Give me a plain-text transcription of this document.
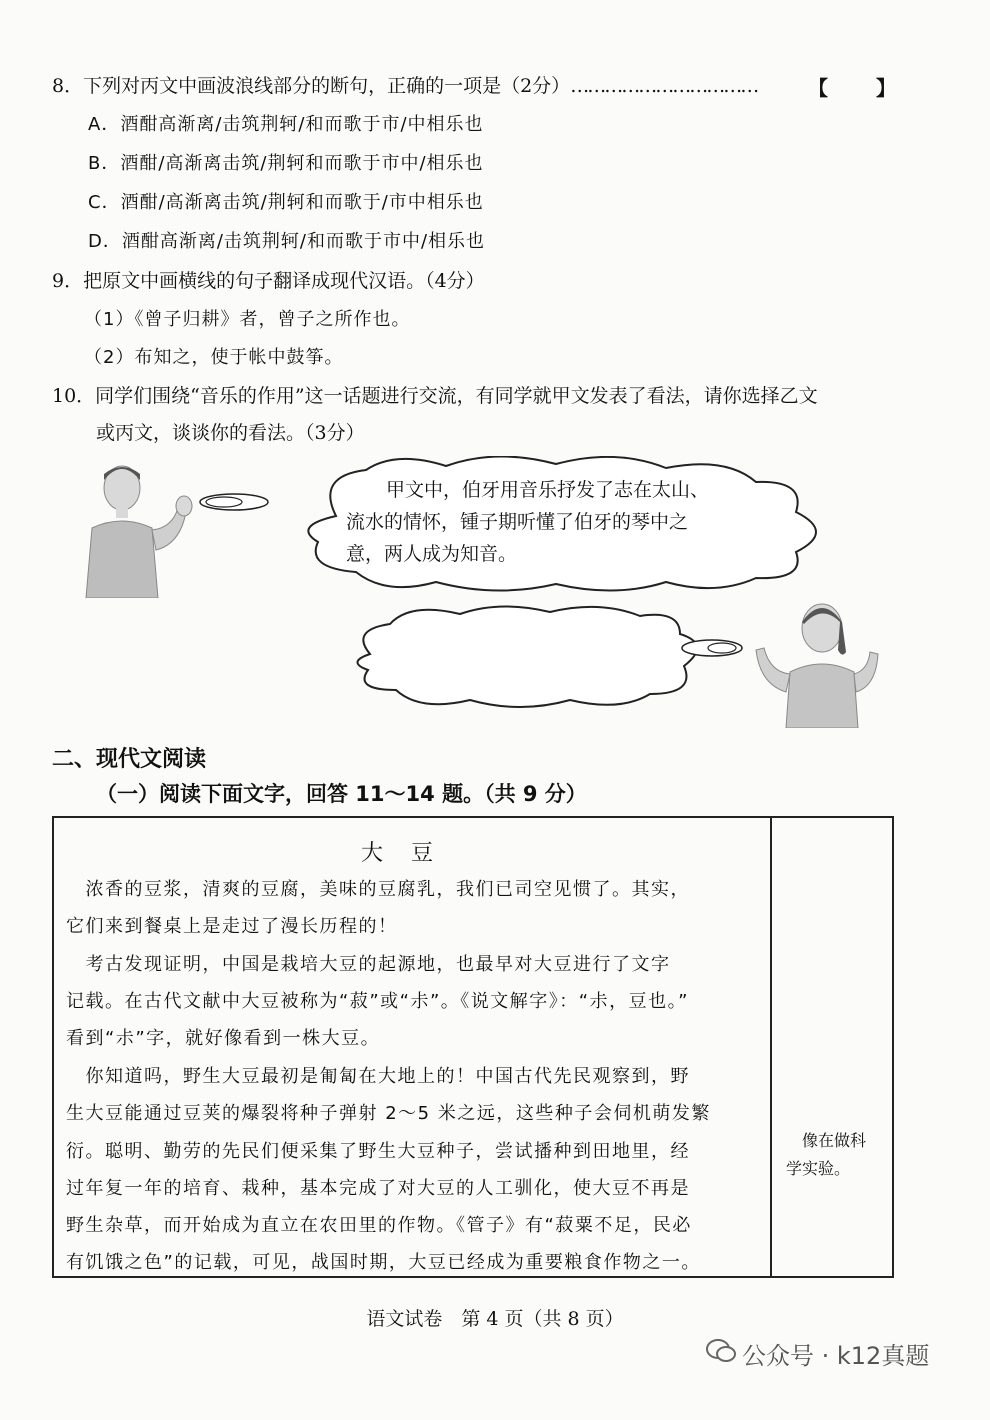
8．下列对丙文中画波浪线部分的断句，正确的一项是（2分）……………………………	【 】
A．酒酣高渐离/击筑荆轲/和而歌于市/中相乐也
B．酒酣/高渐离击筑/荆轲和而歌于市中/相乐也
C．酒酣/高渐离击筑/荆轲和而歌于/市中相乐也
D．酒酣高渐离/击筑荆轲/和而歌于市中/相乐也
9．把原文中画横线的句子翻译成现代汉语。（4分）
（1）《曾子归耕》者，曾子之所作也。
（2）布知之，使于帐中鼓筝。
10．同学们围绕“音乐的作用”这一话题进行交流，有同学就甲文发表了看法，请你选择乙文
或丙文，谈谈你的看法。（3分）
甲文中，伯牙用音乐抒发了志在太山、
流水的情怀，锺子期听懂了伯牙的琴中之
意，两人成为知音。
二、现代文阅读
（一）阅读下面文字，回答 11～14 题。（共 9 分）
大豆
　浓香的豆浆，清爽的豆腐，美味的豆腐乳，我们已司空见惯了。其实，
它们来到餐桌上是走过了漫长历程的！
　考古发现证明，中国是栽培大豆的起源地，也最早对大豆进行了文字
记载。在古代文献中大豆被称为“菽”或“尗”。《说文解字》：“尗，豆也。”
看到“尗”字，就好像看到一株大豆。
　你知道吗，野生大豆最初是匍匐在大地上的！中国古代先民观察到，野
生大豆能通过豆荚的爆裂将种子弹射 2～5 米之远，这些种子会伺机萌发繁
衍。聪明、勤劳的先民们便采集了野生大豆种子，尝试播种到田地里，经
过年复一年的培育、栽种，基本完成了对大豆的人工驯化，使大豆不再是
野生杂草，而开始成为直立在农田里的作物。《管子》有“菽粟不足，民必
有饥饿之色”的记载，可见，战国时期，大豆已经成为重要粮食作物之一。
　像在做科
学实验。
语文试卷　第 4 页（共 8 页）
公众号 · k12真题
